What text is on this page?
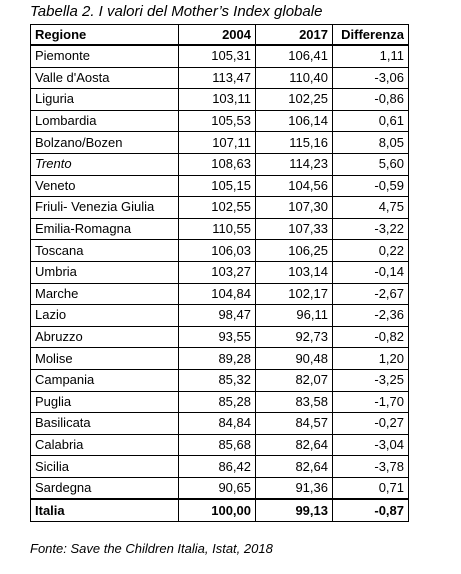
Tabella 2. I valori del Mother’s Index globale
Regione	2004	2017	Differenza
Piemonte	105,31	106,41	1,11
Valle d'Aosta	113,47	110,40	-3,06
Liguria	103,11	102,25	-0,86
Lombardia	105,53	106,14	0,61
Bolzano/Bozen	107,11	115,16	8,05
Trento	108,63	114,23	5,60
Veneto	105,15	104,56	-0,59
Friuli- Venezia Giulia	102,55	107,30	4,75
Emilia-Romagna	110,55	107,33	-3,22
Toscana	106,03	106,25	0,22
Umbria	103,27	103,14	-0,14
Marche	104,84	102,17	-2,67
Lazio	98,47	96,11	-2,36
Abruzzo	93,55	92,73	-0,82
Molise	89,28	90,48	1,20
Campania	85,32	82,07	-3,25
Puglia	85,28	83,58	-1,70
Basilicata	84,84	84,57	-0,27
Calabria	85,68	82,64	-3,04
Sicilia	86,42	82,64	-3,78
Sardegna	90,65	91,36	0,71
Italia	100,00	99,13	-0,87
Fonte: Save the Children Italia, Istat, 2018
